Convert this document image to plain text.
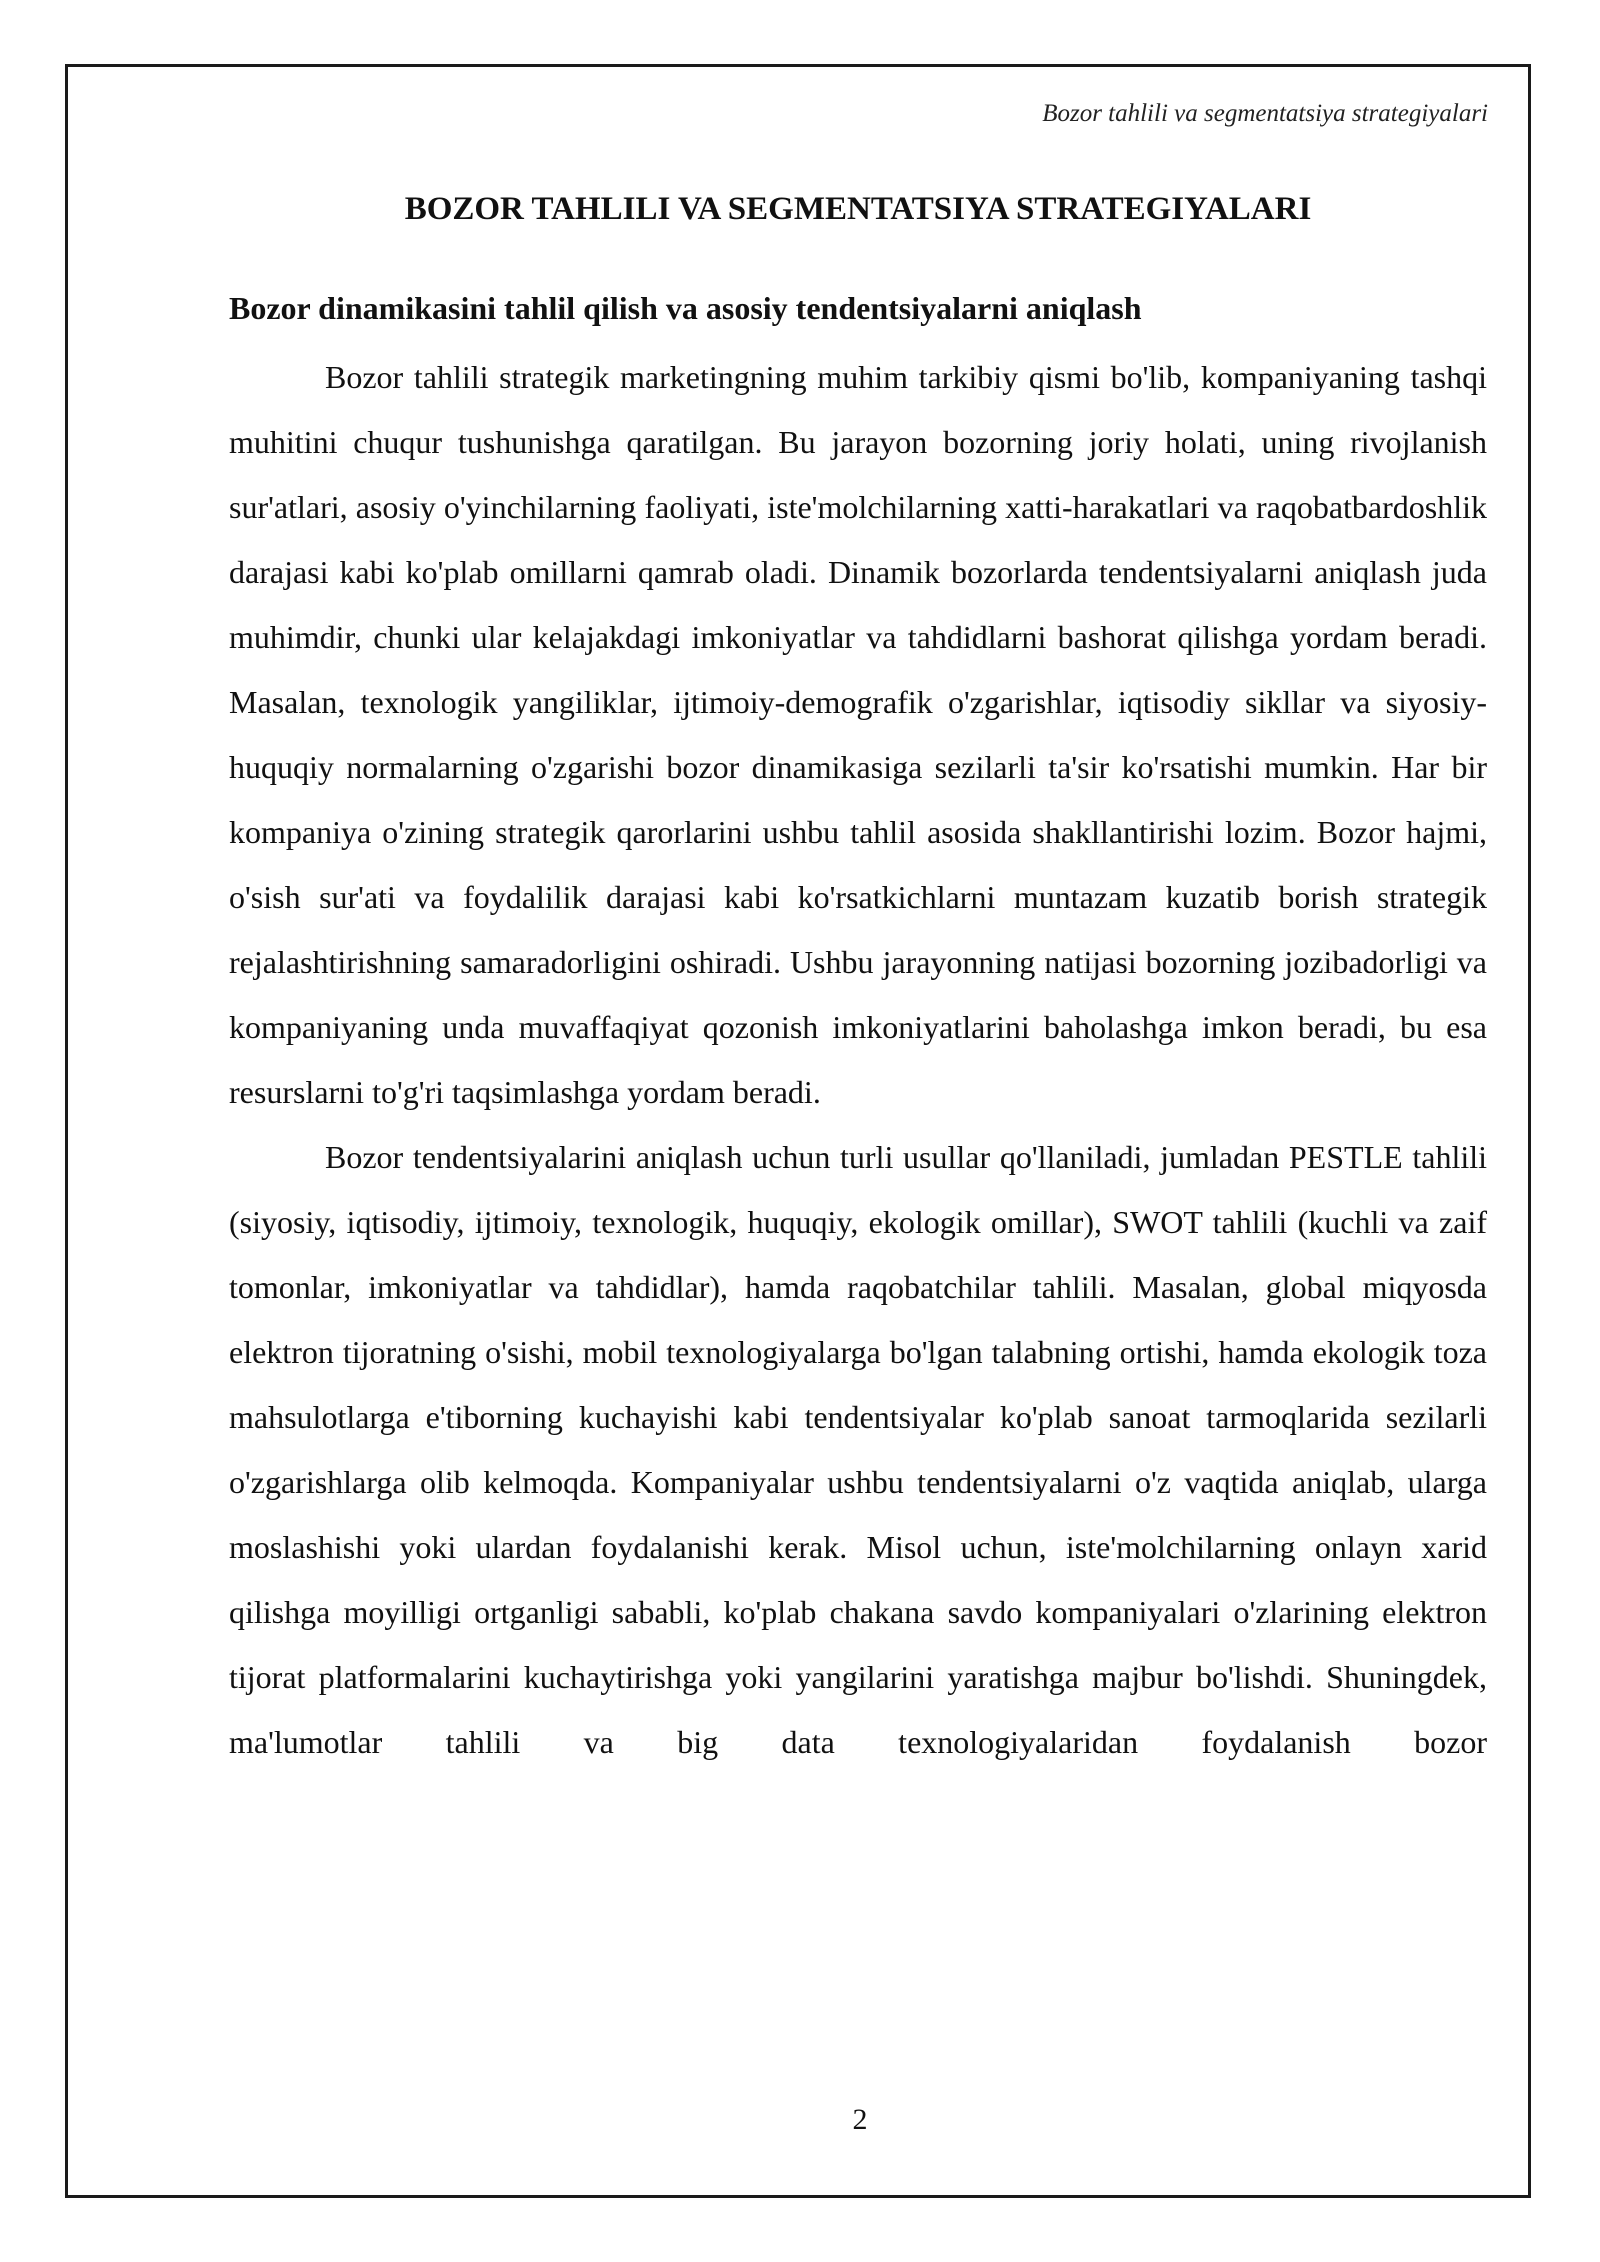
Bozor tahlili va segmentatsiya strategiyalari
BOZOR TAHLILI VA SEGMENTATSIYA STRATEGIYALARI
Bozor dinamikasini tahlil qilish va asosiy tendentsiyalarni aniqlash

Bozor tahlili strategik marketingning muhim tarkibiy qismi bo'lib, kompaniyaning tashqi muhitini chuqur tushunishga qaratilgan. Bu jarayon bozorning joriy holati, uning rivojlanish sur'atlari, asosiy o'yinchilarning faoliyati, iste'molchilarning xatti-harakatlari va raqobatbardoshlik darajasi kabi ko'plab omillarni qamrab oladi. Dinamik bozorlarda tendentsiyalarni aniqlash juda muhimdir, chunki ular kelajakdagi imkoniyatlar va tahdidlarni bashorat qilishga yordam beradi. Masalan, texnologik yangiliklar, ijtimoiy-demografik o'zgarishlar, iqtisodiy sikllar va siyosiy-huquqiy normalarning o'zgarishi bozor dinamikasiga sezilarli ta'sir ko'rsatishi mumkin. Har bir kompaniya o'zining strategik qarorlarini ushbu tahlil asosida shakllantirishi lozim. Bozor hajmi, o'sish sur'ati va foydalilik darajasi kabi ko'rsatkichlarni muntazam kuzatib borish strategik rejalashtirishning samaradorligini oshiradi. Ushbu jarayonning natijasi bozorning jozibadorligi va kompaniyaning unda muvaffaqiyat qozonish imkoniyatlarini baholashga imkon beradi, bu esa resurslarni to'g'ri taqsimlashga yordam beradi.

Bozor tendentsiyalarini aniqlash uchun turli usullar qo'llaniladi, jumladan PESTLE tahlili (siyosiy, iqtisodiy, ijtimoiy, texnologik, huquqiy, ekologik omillar), SWOT tahlili (kuchli va zaif tomonlar, imkoniyatlar va tahdidlar), hamda raqobatchilar tahlili. Masalan, global miqyosda elektron tijoratning o'sishi, mobil texnologiyalarga bo'lgan talabning ortishi, hamda ekologik toza mahsulotlarga e'tiborning kuchayishi kabi tendentsiyalar ko'plab sanoat tarmoqlarida sezilarli o'zgarishlarga olib kelmoqda. Kompaniyalar ushbu tendentsiyalarni o'z vaqtida aniqlab, ularga moslashishi yoki ulardan foydalanishi kerak. Misol uchun, iste'molchilarning onlayn xarid qilishga moyilligi ortganligi sababli, ko'plab chakana savdo kompaniyalari o'zlarining elektron tijorat platformalarini kuchaytirishga yoki yangilarini yaratishga majbur bo'lishdi. Shuningdek, ma'lumotlar tahlili va big data texnologiyalaridan foydalanish bozor

2
